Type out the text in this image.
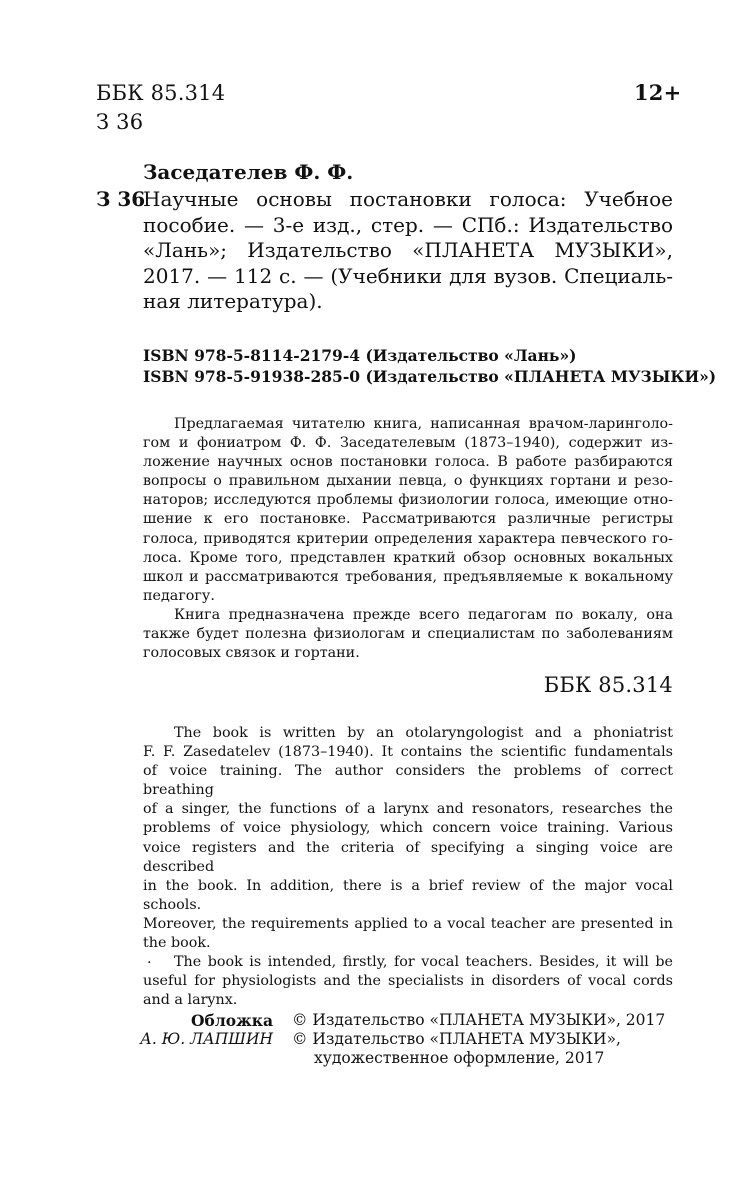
ББК 85.314	12+
З 36
Заседателев Ф. Ф.
З 36
Научные основы постановки голоса: Учебное
пособие. — 3-е изд., стер. — СПб.: Издательство
«Лань»; Издательство «ПЛАНЕТА МУЗЫКИ»,
2017. — 112 с. — (Учебники для вузов. Специаль-
ная литература).
ISBN 978-5-8114-2179-4 (Издательство «Лань»)
ISBN 978-5-91938-285-0 (Издательство «ПЛАНЕТА МУЗЫКИ»)
Предлагаемая читателю книга, написанная врачом-ларинголо-
гом и фониатром Ф. Ф. Заседателевым (1873–1940), содержит из-
ложение научных основ постановки голоса. В работе разбираются
вопросы о правильном дыхании певца, о функциях гортани и резо-
наторов; исследуются проблемы физиологии голоса, имеющие отно-
шение к его постановке. Рассматриваются различные регистры
голоса, приводятся критерии определения характера певческого го-
лоса. Кроме того, представлен краткий обзор основных вокальных
школ и рассматриваются требования, предъявляемые к вокальному
педагогу.
Книга предназначена прежде всего педагогам по вокалу, она
также будет полезна физиологам и специалистам по заболеваниям
голосовых связок и гортани.
ББК 85.314
The book is written by an otolaryngologist and a phoniatrist
F. F. Zasedatelev (1873–1940). It contains the scientific fundamentals
of voice training. The author considers the problems of correct breathing
of a singer, the functions of a larynx and resonators, researches the
problems of voice physiology, which concern voice training. Various
voice registers and the criteria of specifying a singing voice are described
in the book. In addition, there is a brief review of the major vocal schools.
Moreover, the requirements applied to a vocal teacher are presented in
the book.
The book is intended, firstly, for vocal teachers. Besides, it will be
useful for physiologists and the specialists in disorders of vocal cords
and a larynx.
.
Обложка
А. Ю. ЛАПШИН
© Издательство «ПЛАНЕТА МУЗЫКИ», 2017
© Издательство «ПЛАНЕТА МУЗЫКИ»,
художественное оформление, 2017
